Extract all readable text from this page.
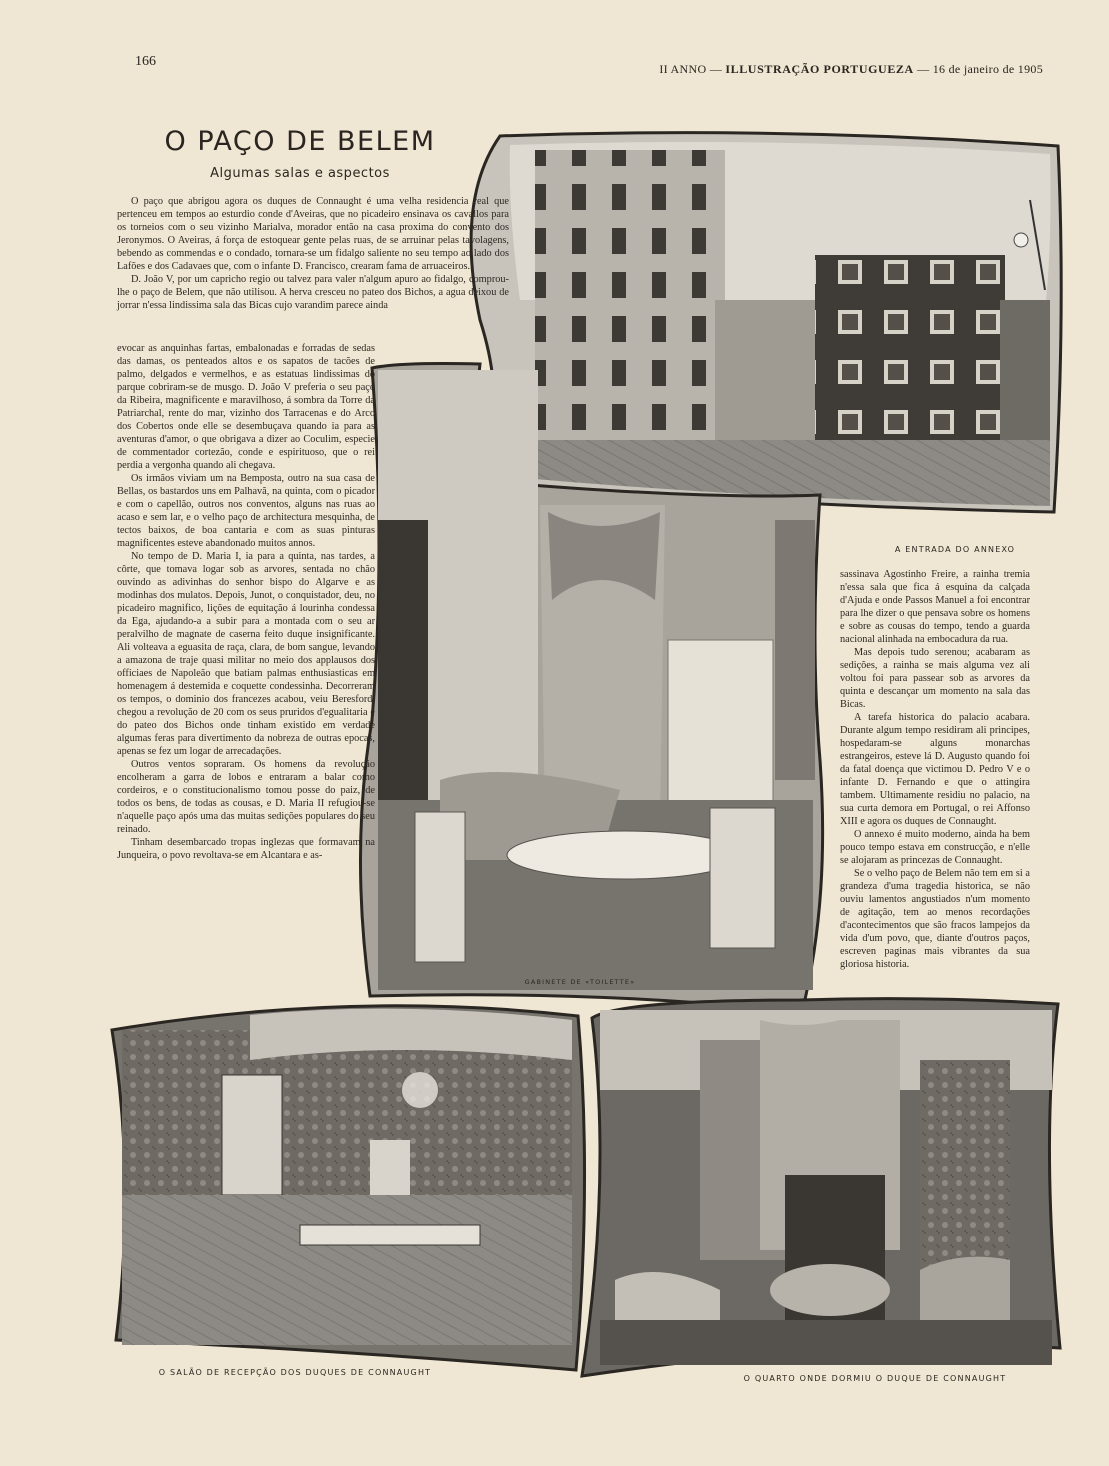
166	II ANNO — ILLUSTRAÇÃO PORTUGUEZA — 16 de janeiro de 1905
O PAÇO DE BELEM
Algumas salas e aspectos

O paço que abrigou agora os duques de Connaught é uma velha residencia real que pertenceu em tempos ao esturdio conde d'Aveiras, que no picadeiro ensinava os cavallos para os torneios com o seu vizinho Marialva, morador então na casa proxima do convento dos Jeronymos. O Aveiras, á força de estoquear gente pelas ruas, de se arruinar pelas tavolagens, bebendo as commendas e o condado, tornara-se um fidalgo saliente no seu tempo ao lado dos Lafões e dos Cadavaes que, com o infante D. Francisco, crearam fama de arruaceiros.

D. João V, por um capricho regio ou talvez para valer n'algum apuro ao fidalgo, comprou-lhe o paço de Belem, que não utilisou. A herva cresceu no pateo dos Bichos, a agua deixou de jorrar n'essa lindissima sala das Bicas cujo varandim parece ainda

evocar as anquinhas fartas, embalonadas e forradas de sedas das damas, os penteados altos e os sapatos de tacões de palmo, delgados e vermelhos, e as estatuas lindissimas do parque cobriram-se de musgo. D. João V preferia o seu paço da Ribeira, magnificente e maravilhoso, á sombra da Torre da Patriarchal, rente do mar, vizinho dos Tarracenas e do Arco dos Cobertos onde elle se desembuçava quando ia para as aventuras d'amor, o que obrigava a dizer ao Coculim, especie de commentador cortezão, conde e espirituoso, que o rei perdia a vergonha quando ali chegava.

Os irmãos viviam um na Bemposta, outro na sua casa de Bellas, os bastardos uns em Palhavã, na quinta, com o picador e com o capellão, outros nos conventos, alguns nas ruas ao acaso e sem lar, e o velho paço de architectura mesquinha, de tectos baixos, de boa cantaria e com as suas pinturas magnificentes esteve abandonado muitos annos.

No tempo de D. Maria I, ia para a quinta, nas tardes, a côrte, que tomava logar sob as arvores, sentada no chão ouvindo as adivinhas do senhor bispo do Algarve e as modinhas dos mulatos. Depois, Junot, o conquistador, deu, no picadeiro magnifico, lições de equitação á lourinha condessa da Ega, ajudando-a a subir para a montada com o seu ar peralvilho de magnate de caserna feito duque insignificante. Ali volteava a eguasita de raça, clara, de bom sangue, levando a amazona de traje quasi militar no meio dos applausos dos officiaes de Napoleão que batiam palmas enthusiasticas em homenagem á destemida e coquette condessinha. Decorreram os tempos, o dominio dos francezes acabou, veiu Beresford, chegou a revolução de 20 com os seus pruridos d'egualitaria e do pateo dos Bichos onde tinham existido em verdade algumas feras para divertimento da nobreza de outras epocas, apenas se fez um logar de arrecadações.

Outros ventos sopraram. Os homens da revolução encolheram a garra de lobos e entraram a balar como cordeiros, e o constitucionalismo tomou posse do paiz, de todos os bens, de todas as cousas, e D. Maria II refugiou-se n'aquelle paço após uma das muitas sedições populares do seu reinado.

Tinham desembarcado tropas inglezas que formavam na Junqueira, o povo revoltava-se em Alcantara e as-

sassinava Agostinho Freire, a rainha tremia n'essa sala que fica á esquina da calçada d'Ajuda e onde Passos Manuel a foi encontrar para lhe dizer o que pensava sobre os homens e sobre as cousas do tempo, tendo a guarda nacional alinhada na embocadura da rua.

Mas depois tudo serenou; acabaram as sedições, a rainha se mais alguma vez ali voltou foi para passear sob as arvores da quinta e descançar um momento na sala das Bicas.

A tarefa historica do palacio acabara. Durante algum tempo residiram ali principes, hospedaram-se alguns monarchas estrangeiros, esteve lá D. Augusto quando foi da fatal doença que victimou D. Pedro V e o infante D. Fernando e que o attingira tambem. Ultimamente residiu no palacio, na sua curta demora em Portugal, o rei Affonso XIII e agora os duques de Connaught.

O annexo é muito moderno, ainda ha bem pouco tempo estava em construcção, e n'elle se alojaram as princezas de Connaught.

Se o velho paço de Belem não tem em si a grandeza d'uma tragedia historica, se não ouviu lamentos angustiados n'um momento de agitação, tem ao menos recordações d'acontecimentos que são fracos lampejos da vida d'um povo, que, diante d'outros paços, escreven paginas mais vibrantes da sua gloriosa historia.

A ENTRADA DO ANNEXO
GABINETE DE «TOILETTE»
O SALÃO DE RECEPÇÃO DOS DUQUES DE CONNAUGHT
O QUARTO ONDE DORMIU O DUQUE DE CONNAUGHT
